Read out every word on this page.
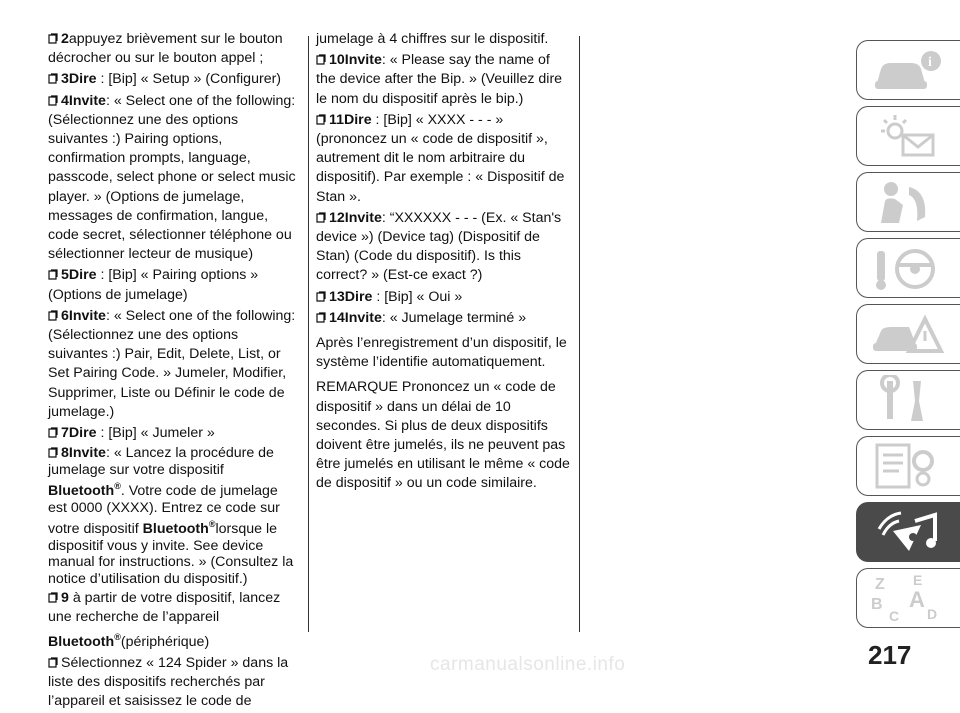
2appuyez brièvement sur le bouton décrocher ou sur le bouton appel ;
3Dire : [Bip] « Setup » (Configurer)
4Invite: « Select one of the following: (Sélectionnez une des options suivantes :) Pairing options, confirmation prompts, language, passcode, select phone or select music player. » (Options de jumelage, messages de confirmation, langue, code secret, sélectionner téléphone ou sélectionner lecteur de musique)
5Dire : [Bip] « Pairing options » (Options de jumelage)
6Invite: « Select one of the following: (Sélectionnez une des options suivantes :) Pair, Edit, Delete, List, or Set Pairing Code. » Jumeler, Modifier, Supprimer, Liste ou Définir le code de jumelage.)
7Dire : [Bip] « Jumeler »
8Invite: « Lancez la procédure de jumelage sur votre dispositif Bluetooth®. Votre code de jumelage est 0000 (XXXX). Entrez ce code sur votre dispositif Bluetooth®lorsque le dispositif vous y invite. See device manual for instructions. » (Consultez la notice d’utilisation du dispositif.)
9 à partir de votre dispositif, lancez une recherche de l’appareil Bluetooth®(périphérique)
Sélectionnez « 124 Spider » dans la liste des dispositifs recherchés par l’appareil et saisissez le code de
jumelage à 4 chiffres sur le dispositif.
10Invite: « Please say the name of the device after the Bip. » (Veuillez dire le nom du dispositif après le bip.)
11Dire : [Bip] « XXXX - - - » (prononcez un « code de dispositif », autrement dit le nom arbitraire du dispositif). Par exemple : « Dispositif de Stan ».
12Invite: “XXXXXX - - - (Ex. « Stan's device ») (Device tag) (Dispositif de Stan) (Code du dispositif). Is this correct? » (Est-ce exact ?)
13Dire : [Bip] « Oui »
14Invite: « Jumelage terminé »

Après l’enregistrement d’un dispositif, le système l’identifie automatiquement.

REMARQUE Prononcez un « code de dispositif » dans un délai de 10 secondes. Si plus de deux dispositifs doivent être jumelés, ils ne peuvent pas être jumelés en utilisant le même « code de dispositif » ou un code similaire.

i
Z E
B A
C D
217
carmanualsonline.info
